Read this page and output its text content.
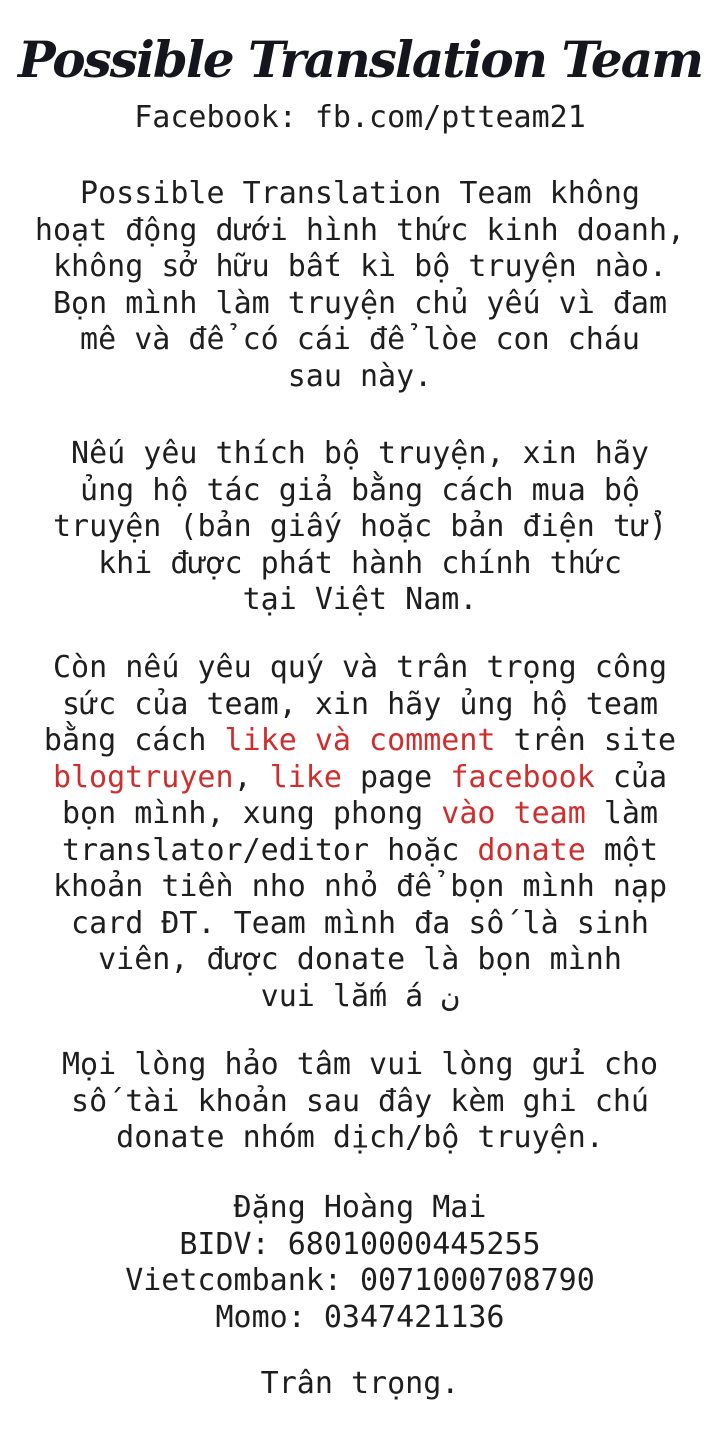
Possible Translation Team
Facebook: fb.com/ptteam21
Possible Translation Team không
hoạt động dưới hình thức kinh doanh,
không sở hữu bất kì bộ truyện nào.
Bọn mình làm truyện chủ yếu vì đam
mê và để có cái để lòe con cháu
sau này.
Nếu yêu thích bộ truyện, xin hãy
ủng hộ tác giả bằng cách mua bộ
truyện (bản giấy hoặc bản điện tử)
khi được phát hành chính thức
tại Việt Nam.
Còn nếu yêu quý và trân trọng công
sức của team, xin hãy ủng hộ team
bằng cách like và comment trên site
blogtruyen, like page facebook của
bọn mình, xung phong vào team làm
translator/editor hoặc donate một
khoản tiền nho nhỏ để bọn mình nạp
card ĐT. Team mình đa số là sinh
viên, được donate là bọn mình
vui lắm á ن
Mọi lòng hảo tâm vui lòng gửi cho
số tài khoản sau đây kèm ghi chú
donate nhóm dịch/bộ truyện.
Đặng Hoàng Mai
BIDV: 68010000445255
Vietcombank: 0071000708790
Momo: 0347421136
Trân trọng.
